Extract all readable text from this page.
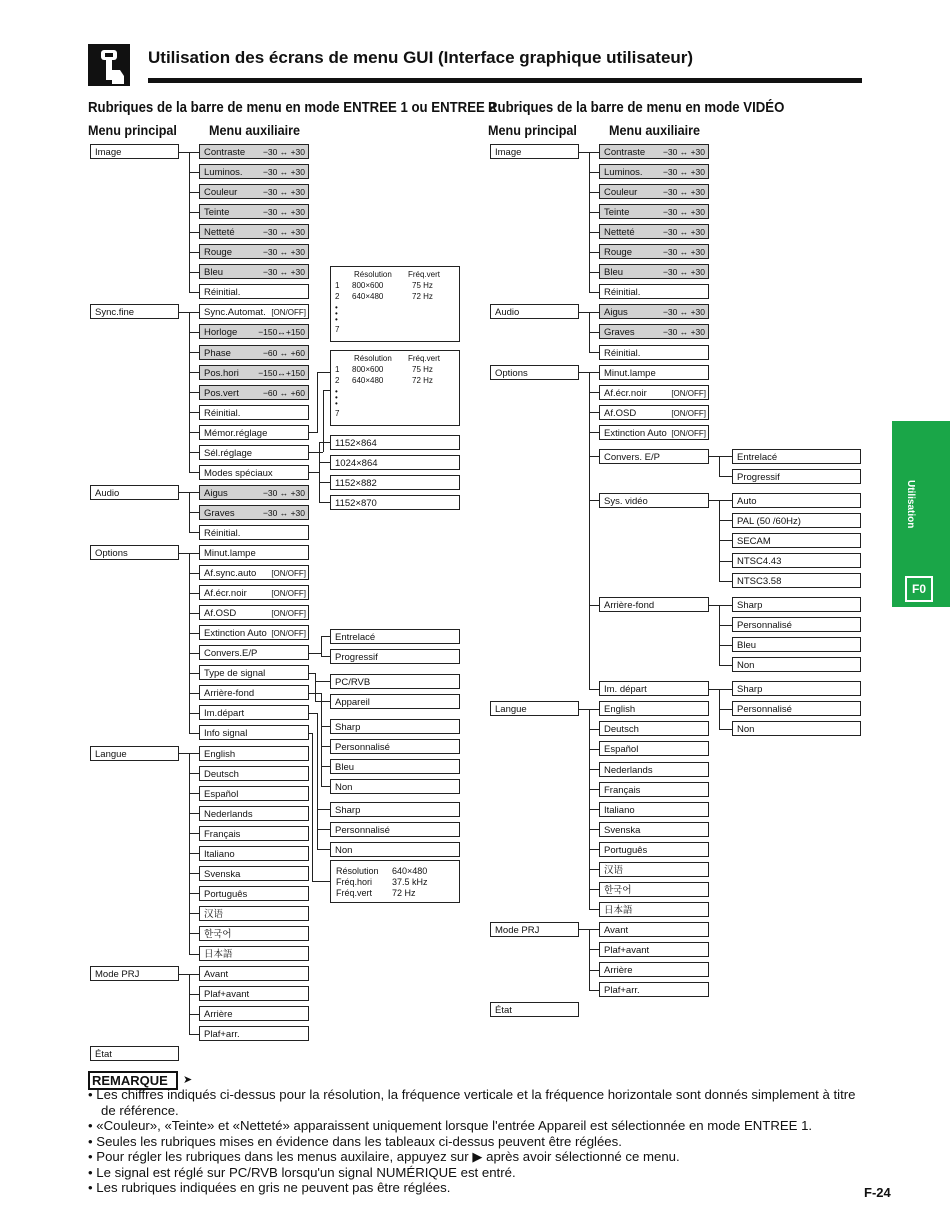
Utilisation des écrans de menu GUI (Interface graphique utilisateur)
Rubriques de la barre de menu en mode ENTREE 1 ou ENTREE 2
Menu principal Menu auxiliaire
Rubriques de la barre de menu en mode VIDÉO
Menu principal Menu auxiliaire
Image
Sync.fine
Audio
Options
Langue
Mode PRJ
État
Contraste −30 ↔ +30
Luminos. −30 ↔ +30
Couleur	−30 ↔ +30
Teinte	−30 ↔ +30
Netteté	−30 ↔ +30
Rouge	−30 ↔ +30
Bleu	−30 ↔ +30
Réinitial.
Sync.Automat. [ON/OFF]
Horloge −150↔+150
Phase	−60 ↔ +60
Pos.hori −150↔+150
Pos.vert	−60 ↔ +60
Réinitial.
Mémor.réglage
Sél.réglage
Modes spéciaux
Aigus	−30 ↔ +30
Graves	−30 ↔ +30
Réinitial.
Minut.lampe
Af.sync.auto [ON/OFF]
Af.écr.noir	[ON/OFF]
Af.OSD	[ON/OFF]
Extinction Auto [ON/OFF]
Convers.E/P
Type de signal
Arrière-fond
Im.départ
Info signal
English
Deutsch
Español
Nederlands
Français
Italiano
Svenska
Português
汉语
한국어
日本語
Avant
Plaf+avant
Arrière
Plaf+arr.
Résolution Fréq.vert
1 800×600	75 Hz
2 640×480	72 Hz
•
•
•
7
Résolution Fréq.vert
1 800×600	75 Hz
2 640×480	72 Hz
•
•
•
7
1152×864
1024×864
1152×882
1152×870
Entrelacé
Progressif
PC/RVB
Appareil
Sharp
Personnalisé
Bleu
Non
Sharp
Personnalisé
Non
Résolution 640×480
Fréq.hori 37.5 kHz
Fréq.vert 72 Hz
Image
Audio
Options
Langue
Mode PRJ
État
Contraste −30 ↔ +30
Luminos. −30 ↔ +30
Couleur	−30 ↔ +30
Teinte	−30 ↔ +30
Netteté	−30 ↔ +30
Rouge	−30 ↔ +30
Bleu	−30 ↔ +30
Réinitial.
Aigus	−30 ↔ +30
Graves	−30 ↔ +30
Réinitial.
Minut.lampe
Af.écr.noir	[ON/OFF]
Af.OSD	[ON/OFF]
Extinction Auto [ON/OFF]
Convers. E/P
Sys. vidéo
Arrière-fond
Im. départ
English
Deutsch
Español
Nederlands
Français
Italiano
Svenska
Português
汉语
한국어
日本語
Avant
Plaf+avant
Arrière
Plaf+arr.
Entrelacé
Progressif
Auto
PAL (50 /60Hz)
SECAM
NTSC4.43
NTSC3.58
Sharp
Personnalisé
Bleu
Non
Sharp
Personnalisé
Non
Utilisation
F0
REMARQUE	➤
• Les chiffres indiqués ci-dessus pour la résolution, la fréquence verticale et la fréquence horizontale sont donnés simplement à titre de référence.
• «Couleur», «Teinte» et «Netteté» apparaissent uniquement lorsque l'entrée Appareil est sélectionnée en mode ENTREE 1.
• Seules les rubriques mises en évidence dans les tableaux ci-dessus peuvent être réglées.
• Pour régler les rubriques dans les menus auxilaire, appuyez sur ▶ après avoir sélectionné ce menu.
• Le signal est réglé sur PC/RVB lorsqu'un signal NUMÉRIQUE est entré.
• Les rubriques indiquées en gris ne peuvent pas être réglées.	F-24
